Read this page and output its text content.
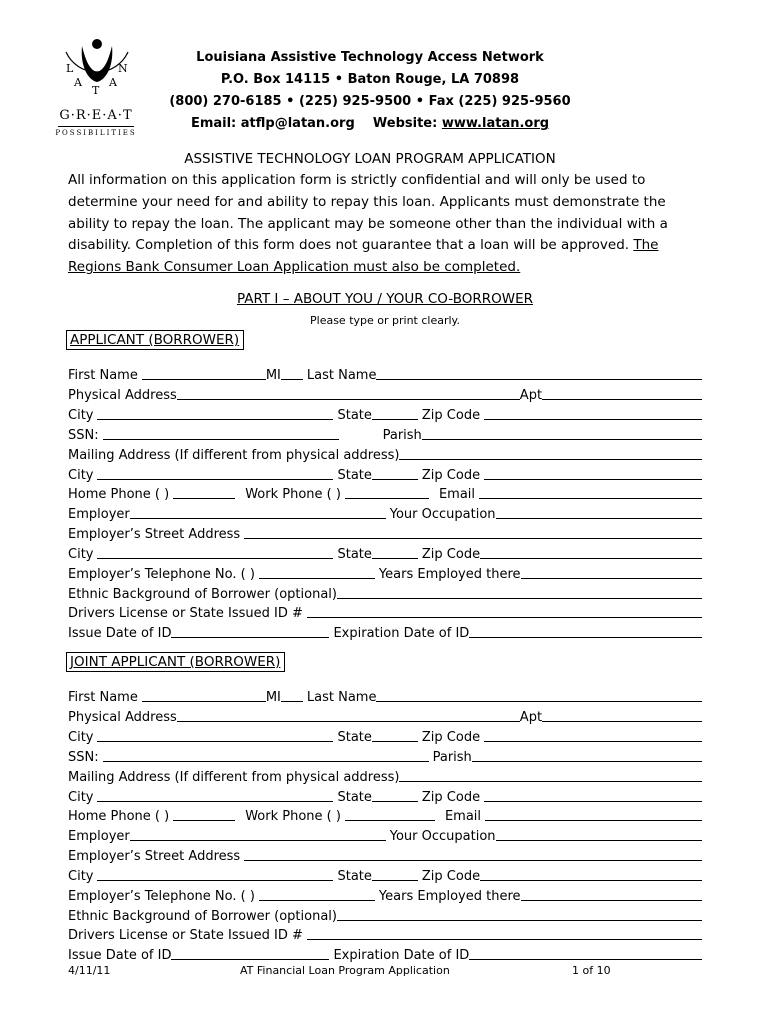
L
A
T
A
N
G·R·E·A·T
POSSIBILITIES
Louisiana Assistive Technology Access Network
P.O. Box 14115 • Baton Rouge, LA 70898
(800) 270-6185 • (225) 925-9500 • Fax (225) 925-9560
Email: atflp@latan.org Website: www.latan.org
ASSISTIVE TECHNOLOGY LOAN PROGRAM APPLICATION
All information on this application form is strictly confidential and will only be used to
determine your need for and ability to repay this loan. Applicants must demonstrate the
ability to repay the loan. The applicant may be someone other than the individual with a
disability. Completion of this form does not guarantee that a loan will be approved. The
Regions Bank Consumer Loan Application must also be completed.
PART I – ABOUT YOU / YOUR CO-BORROWER
Please type or print clearly.
APPLICANT (BORROWER)
First Name	MI Last Name
Physical Address	Apt
City	State	Zip Code
SSN:	Parish
Mailing Address (If different from physical address)
City	State	Zip Code
Home Phone ( )	Work Phone ( )	Email
Employer	Your Occupation
Employer’s Street Address
City	State	Zip Code
Employer’s Telephone No. ( )	Years Employed there
Ethnic Background of Borrower (optional)
Drivers License or State Issued ID #
Issue Date of ID	Expiration Date of ID
JOINT APPLICANT (BORROWER)
First Name	MI Last Name
Physical Address	Apt
City	State	Zip Code
SSN:	Parish
Mailing Address (If different from physical address)
City	State	Zip Code
Home Phone ( )	Work Phone ( )	Email
Employer	Your Occupation
Employer’s Street Address
City	State	Zip Code
Employer’s Telephone No. ( )	Years Employed there
Ethnic Background of Borrower (optional)
Drivers License or State Issued ID #
Issue Date of ID	Expiration Date of ID
4/11/11	AT Financial Loan Program Application	1 of 10
